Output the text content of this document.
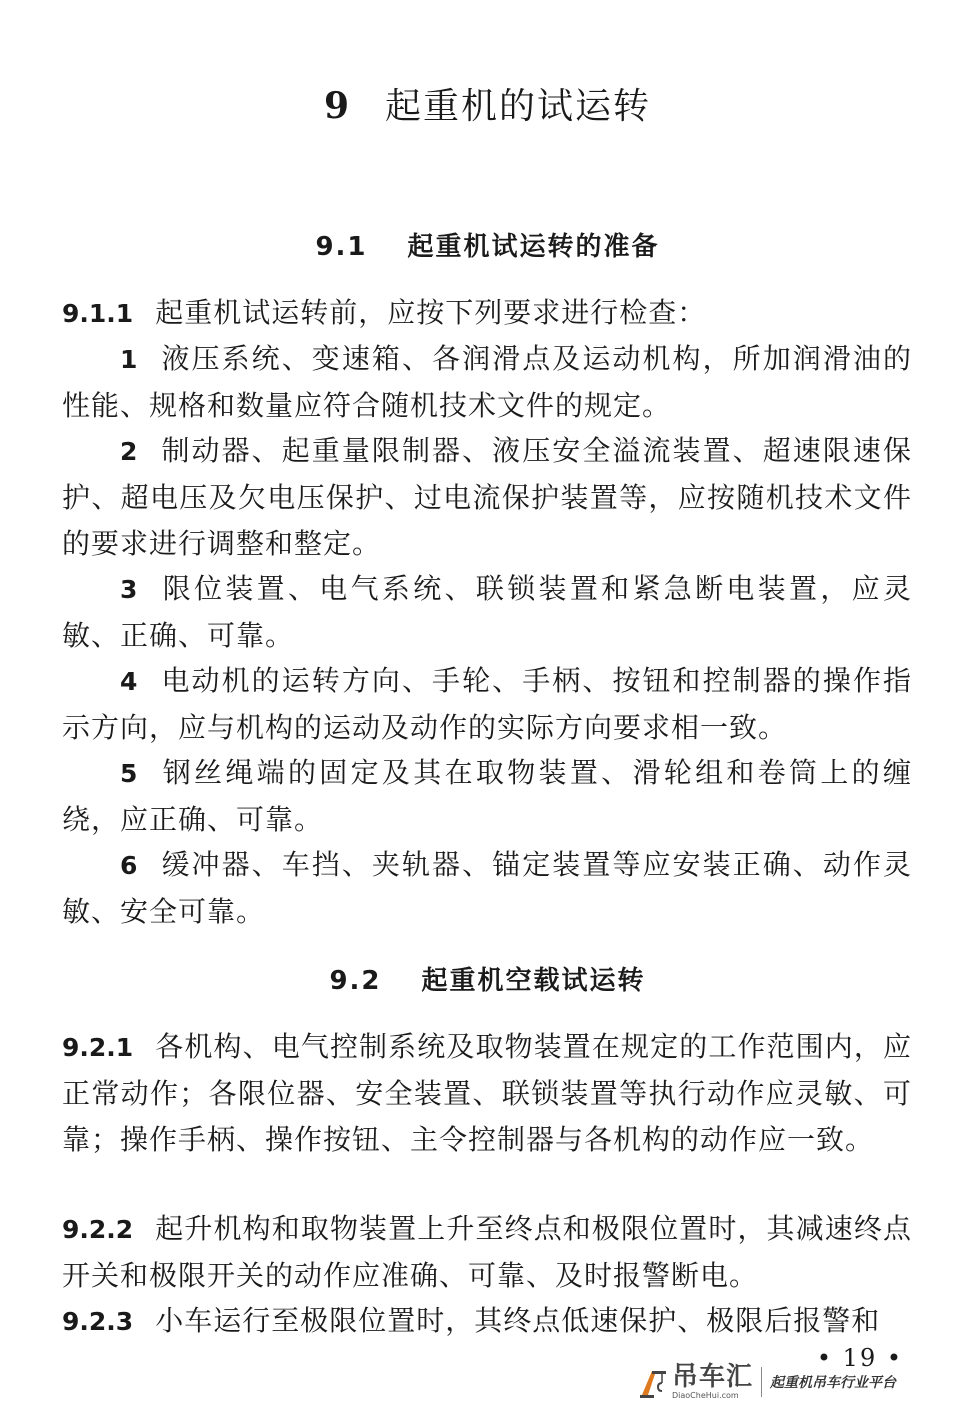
9 起重机的试运转
9.1 起重机试运转的准备
9.1.1 起重机试运转前，应按下列要求进行检查：
1 液压系统、变速箱、各润滑点及运动机构，所加润滑油的性能、规格和数量应符合随机技术文件的规定。
2 制动器、起重量限制器、液压安全溢流装置、超速限速保护、超电压及欠电压保护、过电流保护装置等，应按随机技术文件的要求进行调整和整定。
3 限位装置、电气系统、联锁装置和紧急断电装置，应灵敏、正确、可靠。
4 电动机的运转方向、手轮、手柄、按钮和控制器的操作指示方向，应与机构的运动及动作的实际方向要求相一致。
5 钢丝绳端的固定及其在取物装置、滑轮组和卷筒上的缠绕，应正确、可靠。
6 缓冲器、车挡、夹轨器、锚定装置等应安装正确、动作灵敏、安全可靠。
9.2 起重机空载试运转
9.2.1 各机构、电气控制系统及取物装置在规定的工作范围内，应正常动作；各限位器、安全装置、联锁装置等执行动作应灵敏、可靠；操作手柄、操作按钮、主令控制器与各机构的动作应一致。
9.2.2 起升机构和取物装置上升至终点和极限位置时，其减速终点开关和极限开关的动作应准确、可靠、及时报警断电。
9.2.3 小车运行至极限位置时，其终点低速保护、极限后报警和
• 19 •
吊车汇
DiaoCheHui.com
起重机吊车行业平台
